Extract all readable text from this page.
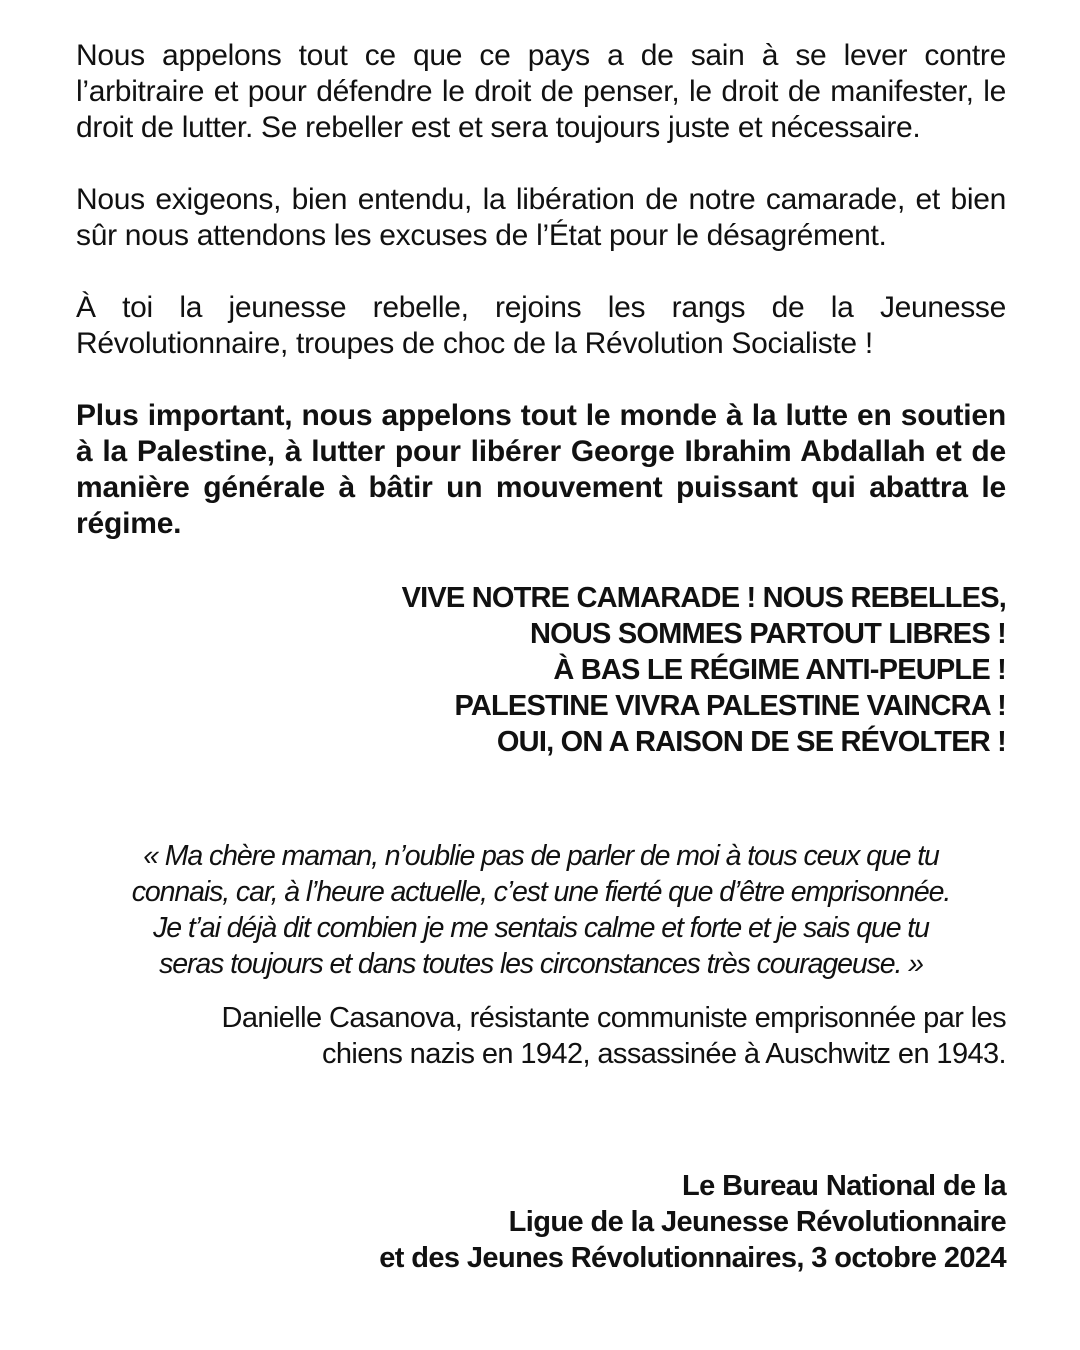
Nous appelons tout ce que ce pays a de sain à se lever contre l’arbitraire et pour défendre le droit de penser, le droit de manifester, le droit de lutter. Se rebeller est et sera toujours juste et nécessaire.

Nous exigeons, bien entendu, la libération de notre camarade, et bien sûr nous attendons les excuses de l’État pour le désagrément.

À toi la jeunesse rebelle, rejoins les rangs de la Jeunesse Révolutionnaire, troupes de choc de la Révolution Socialiste !

Plus important, nous appelons tout le monde à la lutte en soutien à la Palestine, à lutter pour libérer George Ibrahim Abdallah et de manière générale à bâtir un mouvement puissant qui abattra le régime.

VIVE NOTRE CAMARADE ! NOUS REBELLES,
NOUS SOMMES PARTOUT LIBRES !
À BAS LE RÉGIME ANTI-PEUPLE !
PALESTINE VIVRA PALESTINE VAINCRA !
OUI, ON A RAISON DE SE RÉVOLTER !
« Ma chère maman, n’oublie pas de parler de moi à tous ceux que tu
connais, car, à l’heure actuelle, c’est une fierté que d’être emprisonnée.
Je t’ai déjà dit combien je me sentais calme et forte et je sais que tu
seras toujours et dans toutes les circonstances très courageuse. »
Danielle Casanova, résistante communiste emprisonnée par les
chiens nazis en 1942, assassinée à Auschwitz en 1943.
Le Bureau National de la
Ligue de la Jeunesse Révolutionnaire
et des Jeunes Révolutionnaires, 3 octobre 2024
